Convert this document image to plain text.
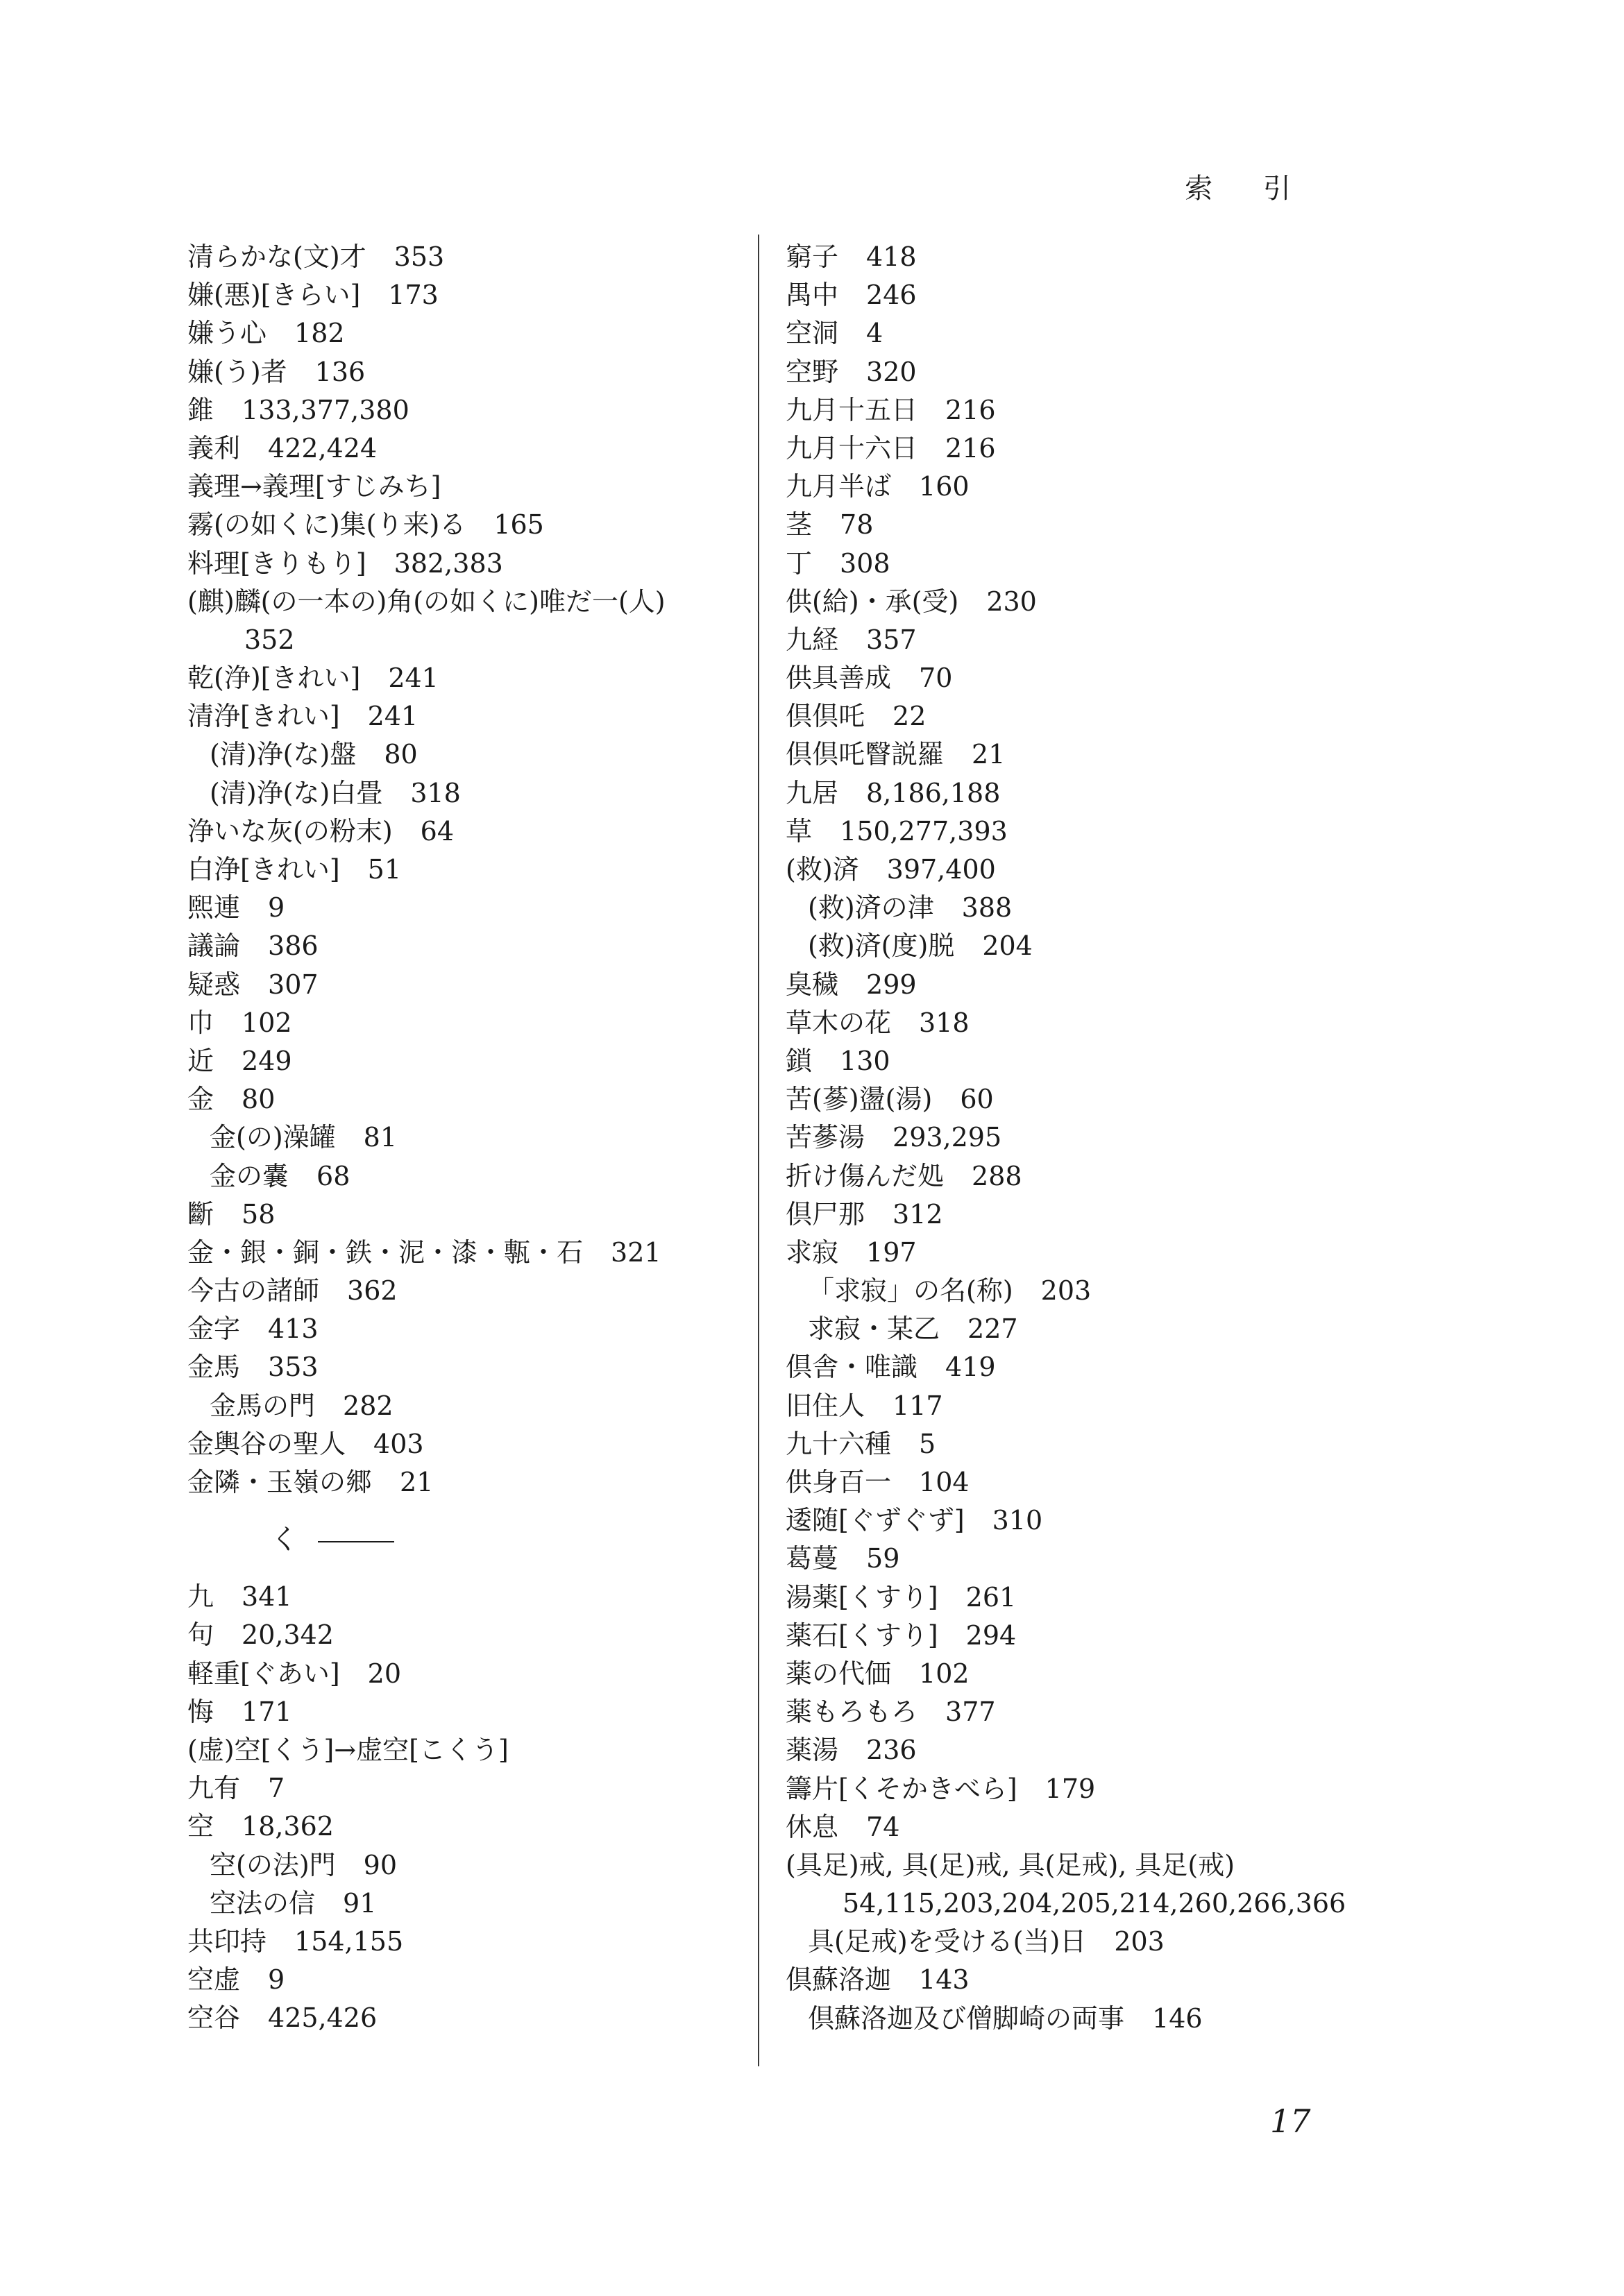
索 引
清らかな(文)才 353
嫌(悪)[きらい] 173
嫌う心 182
嫌(う)者 136
錐 133,377,380
義利 422,424
義理→義理[すじみち]
霧(の如くに)集(り来)る 165
料理[きりもり] 382,383
(麒)麟(の一本の)角(の如くに)唯だ一(人)
352
乾(浄)[きれい] 241
清浄[きれい] 241
(清)浄(な)盤 80
(清)浄(な)白畳 318
浄いな灰(の粉末) 64
白浄[きれい] 51
煕連 9
議論 386
疑惑 307
巾 102
近 249
金 80
金(の)澡罐 81
金の嚢 68
斷 58
金・銀・銅・鉄・泥・漆・甎・石 321
今古の諸師 362
金字 413
金馬 353
金馬の門 282
金輿谷の聖人 403
金隣・玉嶺の郷 21
く
九 341
句 20,342
軽重[ぐあい] 20
悔 171
(虚)空[くう]→虚空[こくう]
九有 7
空 18,362
空(の法)門 90
空法の信 91
共印持 154,155
空虚 9
空谷 425,426
窮子 418
禺中 246
空洞 4
空野 320
九月十五日 216
九月十六日 216
九月半ば 160
茎 78
丁 308
供(給)・承(受) 230
九経 357
供具善成 70
倶倶吒 22
倶倶吒瞖説羅 21
九居 8,186,188
草 150,277,393
(救)済 397,400
(救)済の津 388
(救)済(度)脱 204
臭穢 299
草木の花 318
鎖 130
苦(蔘)盪(湯) 60
苦蔘湯 293,295
折け傷んだ処 288
倶尸那 312
求寂 197
「求寂」の名(称) 203
求寂・某乙 227
倶舎・唯識 419
旧住人 117
九十六種 5
供身百一 104
逶随[ぐずぐず] 310
葛蔓 59
湯薬[くすり] 261
薬石[くすり] 294
薬の代価 102
薬もろもろ 377
薬湯 236
籌片[くそかきべら] 179
休息 74
(具足)戒, 具(足)戒, 具(足戒), 具足(戒)
54,115,203,204,205,214,260,266,366
具(足戒)を受ける(当)日 203
倶蘇洛迦 143
倶蘇洛迦及び僧脚崎の両事 146
17
